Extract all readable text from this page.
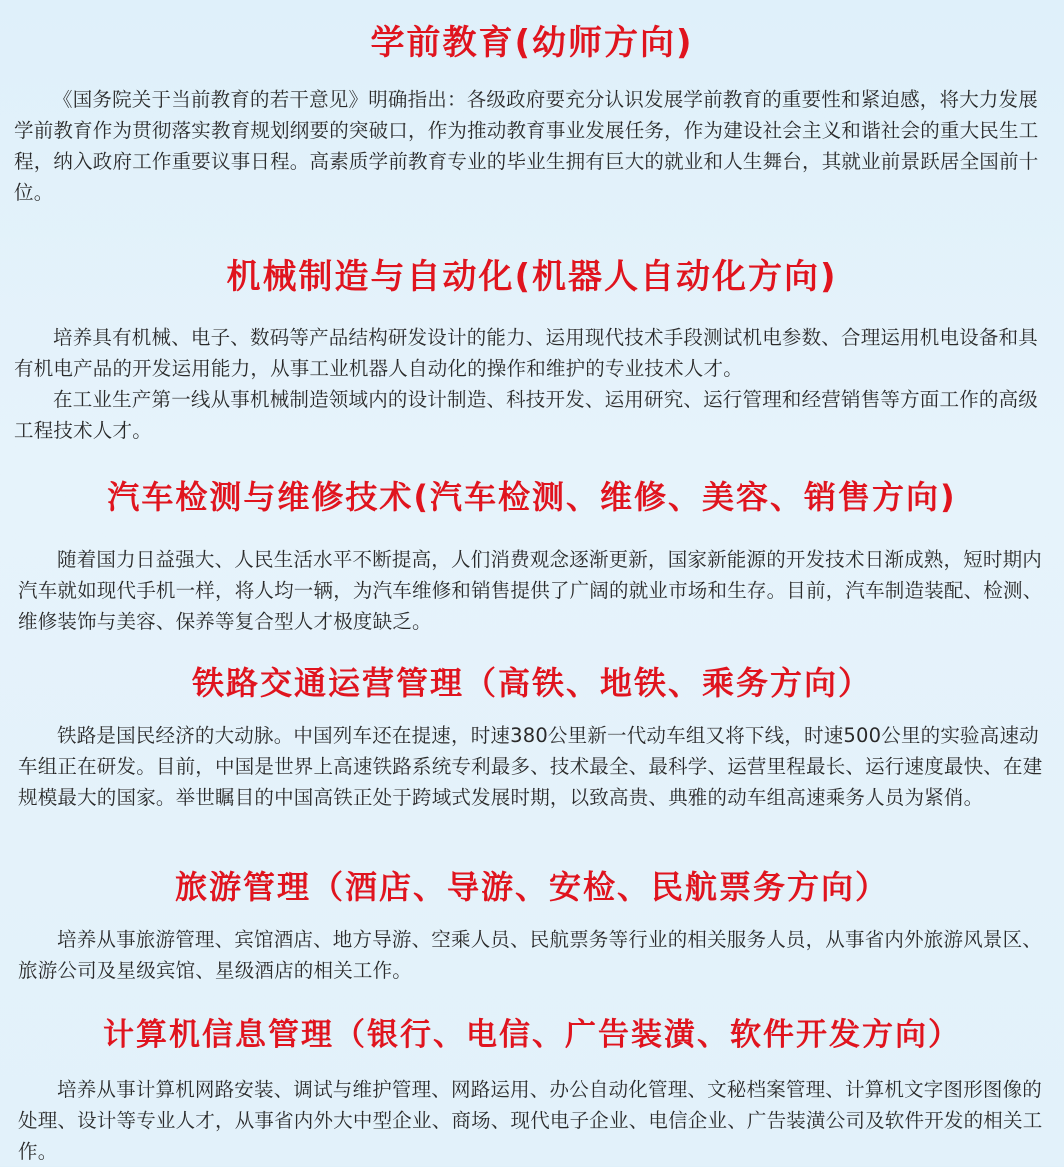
学前教育(幼师方向)

《国务院关于当前教育的若干意见》明确指出：各级政府要充分认识发展学前教育的重要性和紧迫感，将大力发展学前教育作为贯彻落实教育规划纲要的突破口，作为推动教育事业发展任务，作为建设社会主义和谐社会的重大民生工程，纳入政府工作重要议事日程。高素质学前教育专业的毕业生拥有巨大的就业和人生舞台，其就业前景跃居全国前十位。

机械制造与自动化(机器人自动化方向)

培养具有机械、电子、数码等产品结构研发设计的能力、运用现代技术手段测试机电参数、合理运用机电设备和具有机电产品的开发运用能力，从事工业机器人自动化的操作和维护的专业技术人才。

在工业生产第一线从事机械制造领域内的设计制造、科技开发、运用研究、运行管理和经营销售等方面工作的高级工程技术人才。

汽车检测与维修技术(汽车检测、维修、美容、销售方向)

随着国力日益强大、人民生活水平不断提高，人们消费观念逐渐更新，国家新能源的开发技术日渐成熟，短时期内汽车就如现代手机一样，将人均一辆，为汽车维修和销售提供了广阔的就业市场和生存。目前，汽车制造装配、检测、维修装饰与美容、保养等复合型人才极度缺乏。

铁路交通运营管理（高铁、地铁、乘务方向）

铁路是国民经济的大动脉。中国列车还在提速，时速380公里新一代动车组又将下线，时速500公里的实验高速动车组正在研发。目前，中国是世界上高速铁路系统专利最多、技术最全、最科学、运营里程最长、运行速度最快、在建规模最大的国家。举世瞩目的中国高铁正处于跨域式发展时期，以致高贵、典雅的动车组高速乘务人员为紧俏。

旅游管理（酒店、导游、安检、民航票务方向）

培养从事旅游管理、宾馆酒店、地方导游、空乘人员、民航票务等行业的相关服务人员，从事省内外旅游风景区、旅游公司及星级宾馆、星级酒店的相关工作。

计算机信息管理（银行、电信、广告装潢、软件开发方向）

培养从事计算机网路安装、调试与维护管理、网路运用、办公自动化管理、文秘档案管理、计算机文字图形图像的处理、设计等专业人才，从事省内外大中型企业、商场、现代电子企业、电信企业、广告装潢公司及软件开发的相关工作。
